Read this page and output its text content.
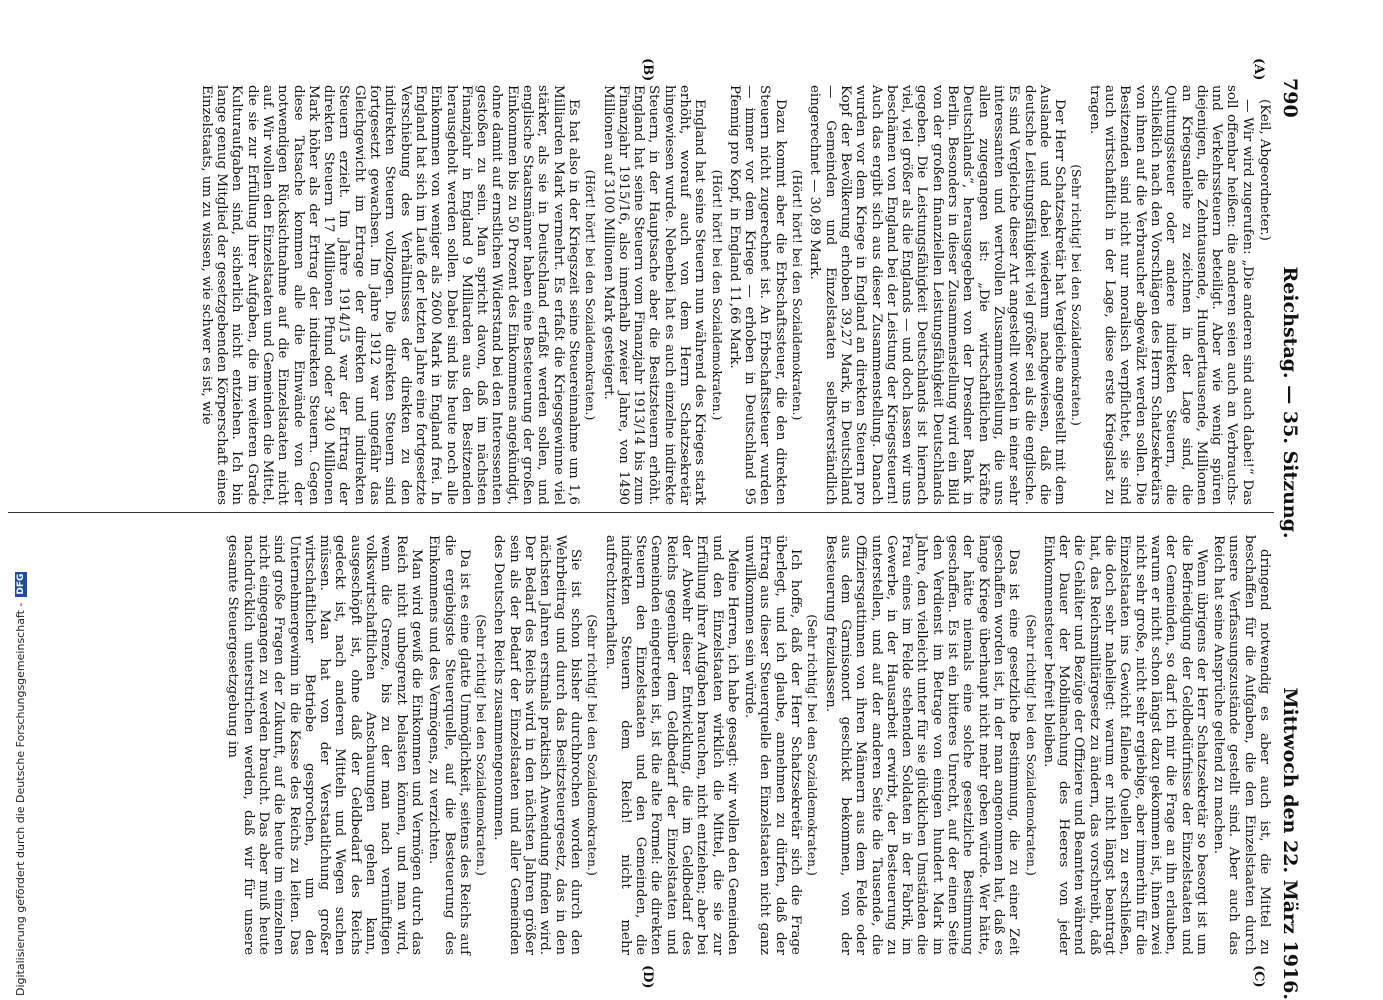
790
Reichstag. — 35. Sitzung.
Mittwoch den 22. März 1916.
(A)
(B)
(C)
(D)

(Keil, Abgeordneter.)

— Wir wird zugerufen: „Die anderen sind auch dabei!“ Das soll offenbar heißen: die anderen seien auch an Verbrauchs- und Verkehrssteuern beteiligt. Aber wie wenig spüren diejenigen, die Zehntausende, Hunderttausende, Millionen an Kriegsanleihe zu zeichnen in der Lage sind, die Quittungssteuer oder andere indirekten Steuern, die schließlich nach den Vorschlägen des Herrn Schatzsekretärs von ihnen auf die Verbraucher abgewälzt werden sollen. Die Besitzenden sind nicht nur moralisch verpflichtet, sie sind auch wirtschaftlich in der Lage, diese erste Kriegslast zu tragen.

(Sehr richtig! bei den Sozialdemokraten.)

Der Herr Schatzsekretär hat Vergleiche angestellt mit dem Auslande und dabei wiederum nachgewiesen, daß die deutsche Leistungsfähigkeit viel größer sei als die englische. Es sind Vergleiche dieser Art angestellt worden in einer sehr interessanten und wertvollen Zusammenstellung, die uns allen zugegangen ist: „Die wirtschaftlichen Kräfte Deutschlands“, herausgegeben von der Dresdner Bank in Berlin. Besonders in dieser Zusammenstellung wird ein Bild von der großen finanziellen Leistungsfähigkeit Deutschlands gegeben. Die Leistungsfähigkeit Deutschlands ist hiernach viel, viel größer als die Englands — und doch lassen wir uns beschämen von England bei der Leistung der Kriegssteuern! Auch das ergibt sich aus dieser Zusammenstellung. Danach wurden vor dem Kriege in England an direkten Steuern pro Kopf der Bevölkerung erhoben 39,27 Mark, in Deutschland — Gemeinden und Einzelstaaten selbstverständlich eingerechnet — 30,89 Mark.

(Hört! hört! bei den Sozialdemokraten.)

Dazu kommt aber die Erbschaftssteuer, die den direkten Steuern nicht zugerechnet ist. An Erbschaftssteuer wurden — immer vor dem Kriege — erhoben in Deutschland 95 Pfennig pro Kopf, in England 11,66 Mark.

(Hört! hört! bei den Sozialdemokraten.)

England hat seine Steuern nun während des Krieges stark erhöht, worauf auch von dem Herrn Schatzsekretär hingewiesen wurde. Nebenbei hat es auch einzelne indirekte Steuern, in der Hauptsache aber die Besitzsteuern erhöht. England hat seine Steuern vom Finanzjahr 1913/14 bis zum Finanzjahr 1915/16, also innerhalb zweier Jahre, von 1490 Millionen auf 3100 Millionen Mark gesteigert.

(Hört! hört! bei den Sozialdemokraten.)

Es hat also in der Kriegszeit seine Steuereinnahme um 1,6 Milliarden Mark vermehrt. Es erfaßt die Kriegsgewinne viel stärker, als sie in Deutschland erfaßt werden sollen, und englische Staatsmänner haben eine Besteuerung der großen Einkommen bis zu 50 Prozent des Einkommens angekündigt, ohne damit auf ernstlichen Widerstand bei den Interessenten gestoßen zu sein. Man spricht davon, daß im nächsten Finanzjahr in England 9 Milliarden aus den Besitzenden herausgeholt werden sollen. Dabei sind bis heute noch alle Einkommen von weniger als 2600 Mark in England frei. In England hat sich im Laufe der letzten Jahre eine fortgesetzte Verschiebung des Verhältnisses der direkten zu den indirekten Steuern vollzogen. Die direkten Steuern sind fortgesetzt gewachsen. Im Jahre 1912 war ungefähr das Gleichgewicht im Ertrage der direkten und indirekten Steuern erzielt. Im Jahre 1914/15 war der Ertrag der direkten Steuern 17 Millionen Pfund oder 340 Millionen Mark höher als der Ertrag der indirekten Steuern. Gegen diese Tatsache kommen alle die Einwände von der notwendigen Rücksichtnahme auf die Einzelstaaten nicht auf. Wir wollen den Einzelstaaten und Gemeinden die Mittel, die sie zur Erfüllung ihrer Aufgaben, die im weiteren Grade Kulturaufgaben sind, sicherlich nicht entziehen. Ich bin lange genug Mitglied der gesetzgebenden Körperschaft eines Einzelstaats, um zu wissen, wie schwer es ist, wie

dringend notwendig es aber auch ist, die Mittel zu beschaffen für die Aufgaben, die den Einzelstaaten durch unsere Verfassungszustände gestellt sind. Aber auch das Reich hat seine Ansprüche geltend zu machen.

Wenn übrigens der Herr Schatzsekretär so besorgt ist um die Befriedigung der Geldbedürfnisse der Einzelstaaten und der Gemeinden, so darf ich mir die Frage an ihn erlauben, warum er nicht schon längst dazu gekommen ist, ihnen zwei nicht sehr große, nicht sehr ergiebige, aber immerhin für die Einzelstaaten ins Gewicht fallende Quellen zu erschließen, die doch sehr naheliegt: warum er nicht längst beantragt hat, das Reichsmilitärgesetz zu ändern, das vorschreibt, daß die Gehälter und Bezüge der Offiziere und Beamten während der Dauer der Mobilmachung des Heeres von jeder Einkommensteuer befreit bleiben.

(Sehr richtig! bei den Sozialdemokraten.)

Das ist eine gesetzliche Bestimmung, die zu einer Zeit geschaffen worden ist, in der man angenommen hat, daß es lange Kriege überhaupt nicht mehr geben würde. Wer hätte, der hätte niemals eine solche gesetzliche Bestimmung geschaffen. Es ist ein bitteres Unrecht, auf der einen Seite den Verdienst im Betrage von einigen hundert Mark im Jahre, den vielleicht unter für sie glücklichen Umständen die Frau eines im Felde stehenden Soldaten in der Fabrik, im Gewerbe, in der Hausarbeit erwirbt, der Besteuerung zu unterstellen, und auf der anderen Seite die Tausende, die Offiziersgattinnen von ihren Männern aus dem Felde oder aus dem Garnisonort geschickt bekommen, von der Besteuerung freizulassen.

(Sehr richtig! bei den Sozialdemokraten.)

Ich hoffe, daß der Herr Schatzsekretär sich die Frage überlegt, und ich glaube, annehmen zu dürfen, daß der Ertrag aus dieser Steuerquelle den Einzelstaaten nicht ganz unwillkommen sein würde.

Meine Herren, ich habe gesagt: wir wollen den Gemeinden und den Einzelstaaten wirklich die Mittel, die sie zur Erfüllung ihrer Aufgaben brauchen, nicht entziehen; aber bei der Abwehr dieser Entwicklung, die im Geldbedarf des Reichs gegenüber dem Geldbedarf der Einzelstaaten und Gemeinden eingetreten ist, ist die alte Formel: die direkten Steuern den Einzelstaaten und den Gemeinden, die indirekten Steuern dem Reich! nicht mehr aufrechtzuerhalten.

(Sehr richtig! bei den Sozialdemokraten.)

Sie ist schon bisher durchbrochen worden durch den Wehrbeitrag und durch das Besitzsteuergesetz, das in den nächsten Jahren erstmals praktisch Anwendung finden wird. Der Bedarf des Reichs wird in den nächsten Jahren größer sein als der Bedarf der Einzelstaaten und aller Gemeinden des Deutschen Reichs zusammengenommen.

(Sehr richtig! bei den Sozialdemokraten.)

Da ist es eine glatte Unmöglichkeit, seitens des Reichs auf die ergiebigste Steuerquelle, auf die Besteuerung des Einkommens und des Vermögens, zu verzichten.

Man wird gewiß die Einkommen und Vermögen durch das Reich nicht unbegrenzt belasten können, und man wird, wenn die Grenze, bis zu der man nach vernünftigen volkswirtschaftlichen Anschauungen gehen kann, ausgeschöpft ist, ohne daß der Geldbedarf des Reichs gedeckt ist, nach anderen Mitteln und Wegen suchen müssen. Man hat von der Verstaatlichung großer wirtschaftlicher Betriebe gesprochen, um den Unternehmergewinn in die Kasse des Reichs zu leiten. Das sind große Fragen der Zukunft, auf die heute im einzelnen nicht eingegangen zu werden braucht. Das aber muß heute nachdrücklich unterstrichen werden, daß wir für unsere gesamte Steuergesetzgebung im

Digitalisierung gefördert durch die Deutsche Forschungsgemeinschaft -
DFG
